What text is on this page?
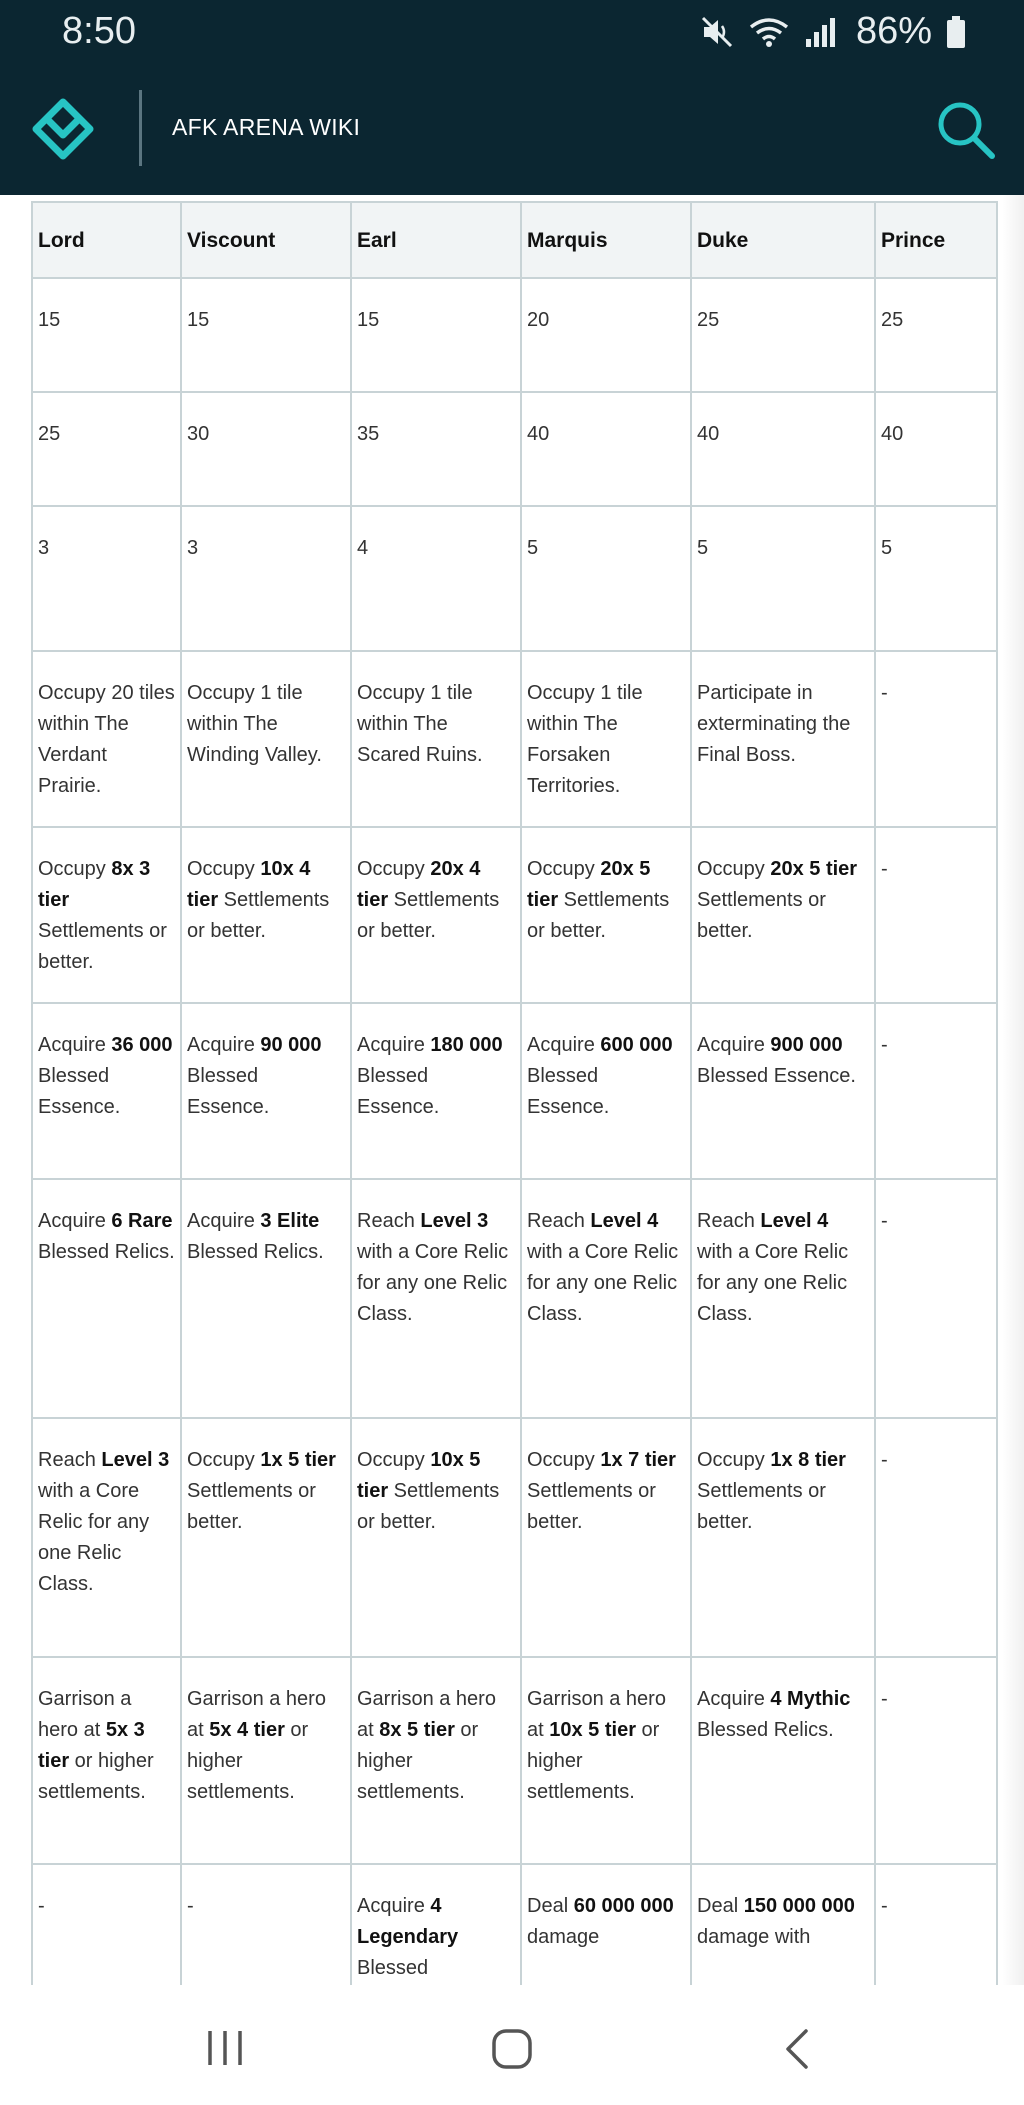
8:50	86%
AFK ARENA WIKI
Lord	Viscount	Earl	Marquis	Duke	Prince
15	15	15	20	25	25
25	30	35	40	40	40
3	3	4	5	5	5
Occupy 20 tiles within The Verdant Prairie.	Occupy 1 tile within The Winding Valley.	Occupy 1 tile within The Scared Ruins.	Occupy 1 tile within The Forsaken Territories.	Participate in exterminating the Final Boss.	-
Occupy 8x 3 tier Settlements or better.	Occupy 10x 4 tier Settlements or better.	Occupy 20x 4 tier Settlements or better.	Occupy 20x 5 tier Settlements or better.	Occupy 20x 5 tier Settlements or better.	-
Acquire 36 000 Blessed Essence.	Acquire 90 000 Blessed Essence.	Acquire 180 000 Blessed Essence.	Acquire 600 000 Blessed Essence.	Acquire 900 000 Blessed Essence.	-
Acquire 6 Rare Blessed Relics.	Acquire 3 Elite Blessed Relics.	Reach Level 3 with a Core Relic for any one Relic Class.	Reach Level 4 with a Core Relic for any one Relic Class.	Reach Level 4 with a Core Relic for any one Relic Class.	-
Reach Level 3 with a Core Relic for any one Relic Class.	Occupy 1x 5 tier Settlements or better.	Occupy 10x 5 tier Settlements or better.	Occupy 1x 7 tier Settlements or better.	Occupy 1x 8 tier Settlements or better.	-
Garrison a hero at 5x 3 tier or higher settlements.	Garrison a hero at 5x 4 tier or higher settlements.	Garrison a hero at 8x 5 tier or higher settlements.	Garrison a hero at 10x 5 tier or higher settlements.	Acquire 4 Mythic Blessed Relics.	-
-	-	Acquire 4 Legendary Blessed	Deal 60 000 000 damage	Deal 150 000 000 damage with	-
